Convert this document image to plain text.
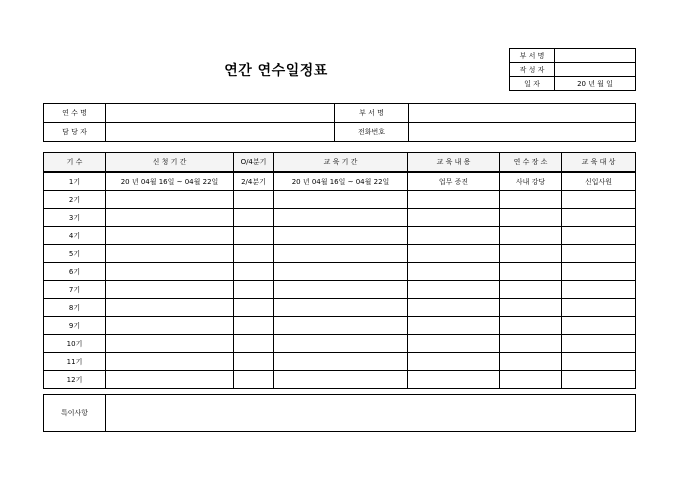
연간 연수일정표
부 서 명	
작 성 자	
일 자	20 년 월 일
연 수 명		부 서 명	
담 당 자		전화번호	
기 수	신 청 기 간	O/4분기	교 육 기 간	교 육 내 용	연 수 장 소	교 육 대 상
1기	20 년 04월 16일 ~ 04월 22일	2/4분기	20 년 04월 16일 ~ 04월 22일	업무 증진	사내 강당	신입사원
2기						
3기						
4기						
5기						
6기						
7기						
8기						
9기						
10기						
11기						
12기						
특이사항	
